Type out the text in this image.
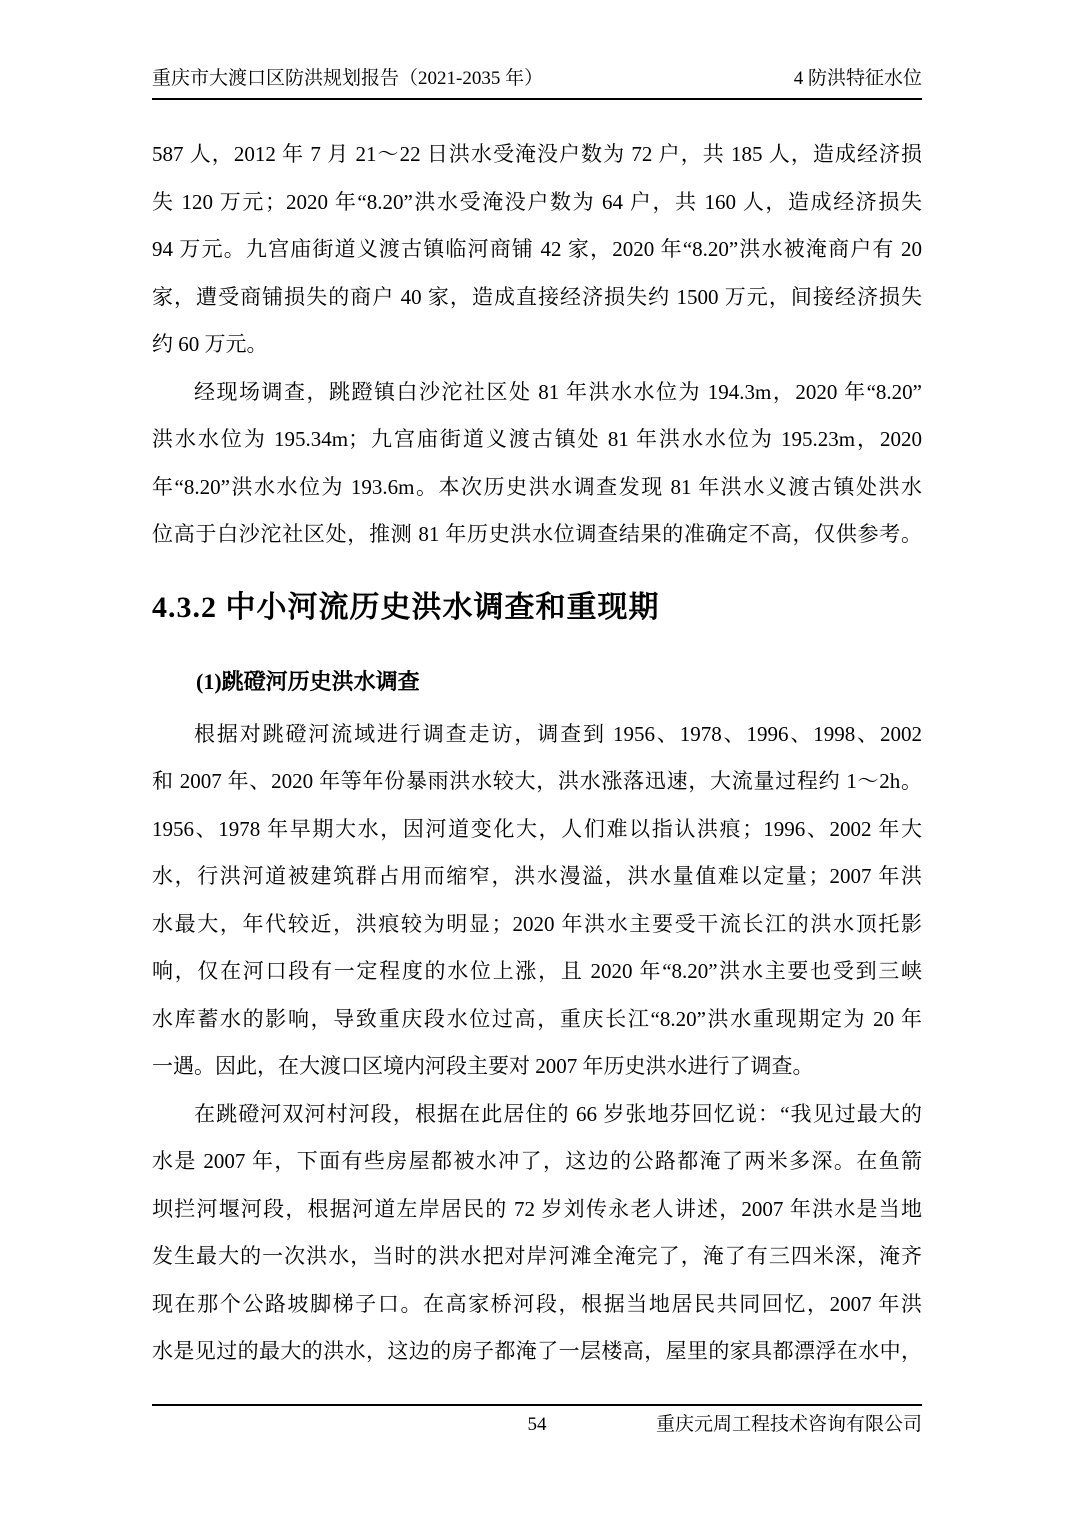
重庆市大渡口区防洪规划报告（2021-2035 年）	4 防洪特征水位
587 人，2012 年 7 月 21～22 日洪水受淹没户数为 72 户，共 185 人，造成经济损
失 120 万元；2020 年“8.20”洪水受淹没户数为 64 户，共 160 人，造成经济损失
94 万元。九宫庙街道义渡古镇临河商铺 42 家，2020 年“8.20”洪水被淹商户有 20
家，遭受商铺损失的商户 40 家，造成直接经济损失约 1500 万元，间接经济损失
约 60 万元。
经现场调查，跳蹬镇白沙沱社区处 81 年洪水水位为 194.3m，2020 年“8.20”
洪水水位为 195.34m；九宫庙街道义渡古镇处 81 年洪水水位为 195.23m，2020
年“8.20”洪水水位为 193.6m。本次历史洪水调查发现 81 年洪水义渡古镇处洪水
位高于白沙沱社区处，推测 81 年历史洪水位调查结果的准确定不高，仅供参考。
4.3.2 中小河流历史洪水调查和重现期
(1)跳磴河历史洪水调查
根据对跳磴河流域进行调查走访，调查到 1956、1978、1996、1998、2002
和 2007 年、2020 年等年份暴雨洪水较大，洪水涨落迅速，大流量过程约 1～2h。
1956、1978 年早期大水，因河道变化大，人们难以指认洪痕；1996、2002 年大
水，行洪河道被建筑群占用而缩窄，洪水漫溢，洪水量值难以定量；2007 年洪
水最大，年代较近，洪痕较为明显；2020 年洪水主要受干流长江的洪水顶托影
响，仅在河口段有一定程度的水位上涨，且 2020 年“8.20”洪水主要也受到三峡
水库蓄水的影响，导致重庆段水位过高，重庆长江“8.20”洪水重现期定为 20 年
一遇。因此，在大渡口区境内河段主要对 2007 年历史洪水进行了调查。
在跳磴河双河村河段，根据在此居住的 66 岁张地芬回忆说：“我见过最大的
水是 2007 年，下面有些房屋都被水冲了，这边的公路都淹了两米多深。在鱼箭
坝拦河堰河段，根据河道左岸居民的 72 岁刘传永老人讲述，2007 年洪水是当地
发生最大的一次洪水，当时的洪水把对岸河滩全淹完了，淹了有三四米深，淹齐
现在那个公路坡脚梯子口。在高家桥河段，根据当地居民共同回忆，2007 年洪
水是见过的最大的洪水，这边的房子都淹了一层楼高，屋里的家具都漂浮在水中，
54	重庆元周工程技术咨询有限公司
